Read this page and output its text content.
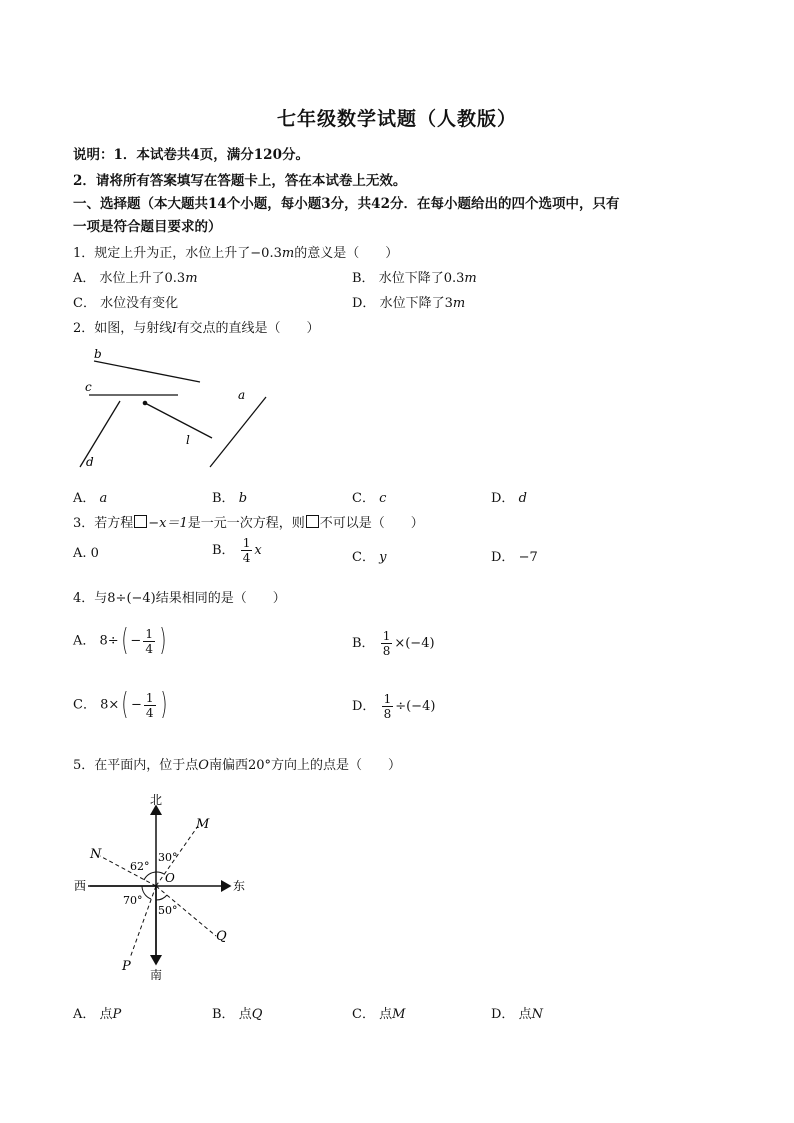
七年级数学试题（人教版）
说明：1．本试卷共4页，满分120分。
2．请将所有答案填写在答题卡上，答在本试卷上无效。
一、选择题（本大题共14个小题，每小题3分，共42分．在每小题给出的四个选项中，只有
一项是符合题目要求的）
1．规定上升为正，水位上升了−0.3m的意义是（　　）
A． 水位上升了0.3m	B． 水位下降了0.3m
C． 水位没有变化	D． 水位下降了3m
2．如图，与射线l有交点的直线是（　　）
b
c
d
l
a
A． a	B． b	C． c	D． d
3．若方程 −x＝1是一元一次方程，则 不可以是（　　）
A. 0	B． $\frac{1}{4}$ x	C． y	D． −7
4．与8÷(−4)结果相同的是（　　）
A． $8\div( - \frac{1}{4}$ )	B． $\frac{1}{8} \times(-4)$
C． $8\times( - \frac{1}{4}$ )	D． $\frac{1}{8} \div(-4)$
5．在平面内，位于点O南偏西20°方向上的点是（　　）
北
南
西	东
M
N
P
Q
O
62°
30°
70°
50°
A． 点P	B． 点Q	C． 点M	D． 点N
